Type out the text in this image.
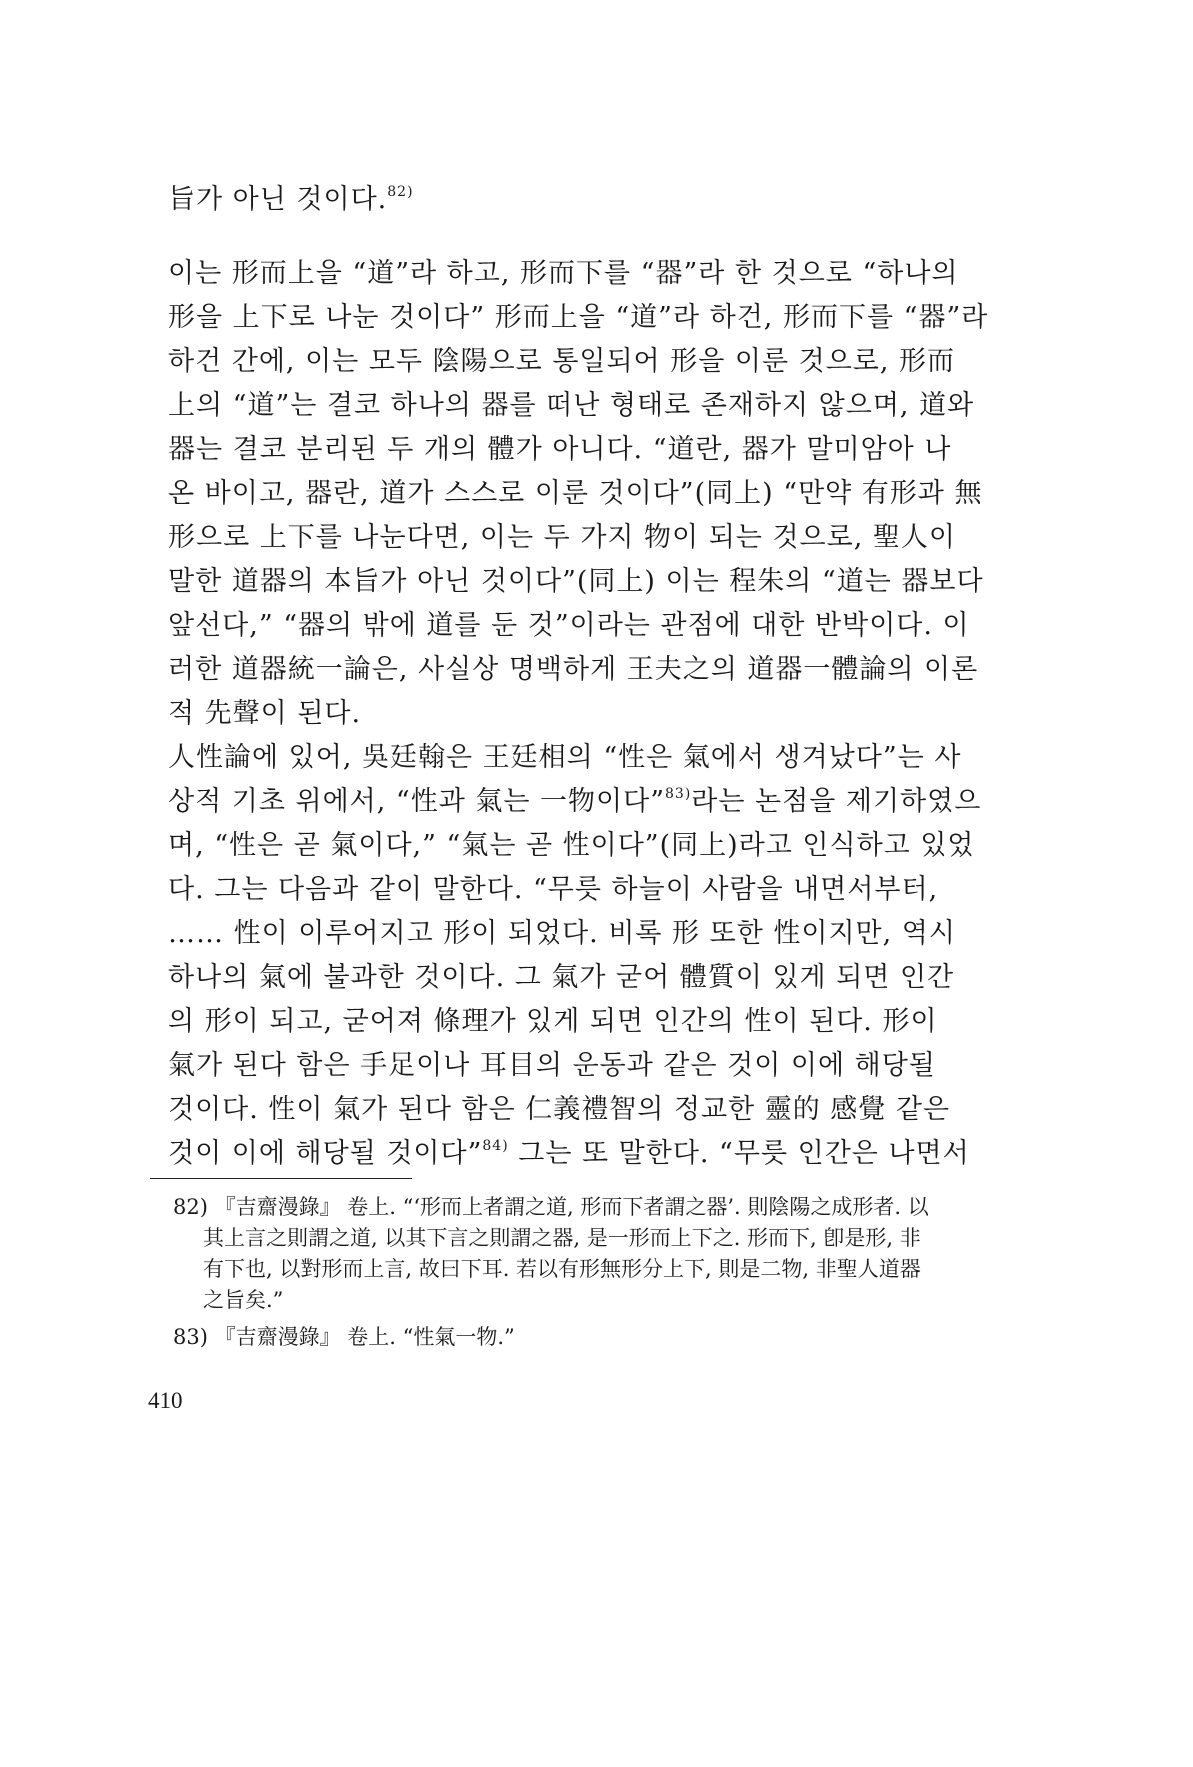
旨가 아닌 것이다.$^{82)}$
이는 形而上을 “道”라 하고, 形而下를 “器”라 한 것으로 “하나의
形을 上下로 나눈 것이다” 形而上을 “道”라 하건, 形而下를 “器”라
하건 간에, 이는 모두 陰陽으로 통일되어 形을 이룬 것으로, 形而
上의 “道”는 결코 하나의 器를 떠난 형태로 존재하지 않으며, 道와
器는 결코 분리된 두 개의 體가 아니다. “道란, 器가 말미암아 나
온 바이고, 器란, 道가 스스로 이룬 것이다”(同上) “만약 有形과 無
形으로 上下를 나눈다면, 이는 두 가지 物이 되는 것으로, 聖人이
말한 道器의 本旨가 아닌 것이다”(同上) 이는 程朱의 “道는 器보다
앞선다,” “器의 밖에 道를 둔 것”이라는 관점에 대한 반박이다. 이
러한 道器統一論은, 사실상 명백하게 王夫之의 道器一體論의 이론
적 先聲이 된다.
人性論에 있어, 吳廷翰은 王廷相의 “性은 氣에서 생겨났다”는 사
상적 기초 위에서, “性과 氣는 一物이다”$^{83)}$라는 논점을 제기하였으
며, “性은 곧 氣이다,” “氣는 곧 性이다”(同上)라고 인식하고 있었
다. 그는 다음과 같이 말한다. “무릇 하늘이 사람을 내면서부터,
…… 性이 이루어지고 形이 되었다. 비록 形 또한 性이지만, 역시
하나의 氣에 불과한 것이다. 그 氣가 굳어 體質이 있게 되면 인간
의 形이 되고, 굳어져 條理가 있게 되면 인간의 性이 된다. 形이
氣가 된다 함은 手足이나 耳目의 운동과 같은 것이 이에 해당될
것이다. 性이 氣가 된다 함은 仁義禮智의 정교한 靈的 感覺 같은
것이 이에 해당될 것이다”$^{84)}$ 그는 또 말한다. “무릇 인간은 나면서
82) 『吉齋漫錄』 卷上. “‘形而上者謂之道, 形而下者謂之器’. 則陰陽之成形者. 以
其上言之則謂之道, 以其下言之則謂之器, 是一形而上下之. 形而下, 卽是形, 非
有下也, 以對形而上言, 故曰下耳. 若以有形無形分上下, 則是二物, 非聖人道器
之旨矣.”
83) 『吉齋漫錄』 卷上. “性氣一物.”
410
